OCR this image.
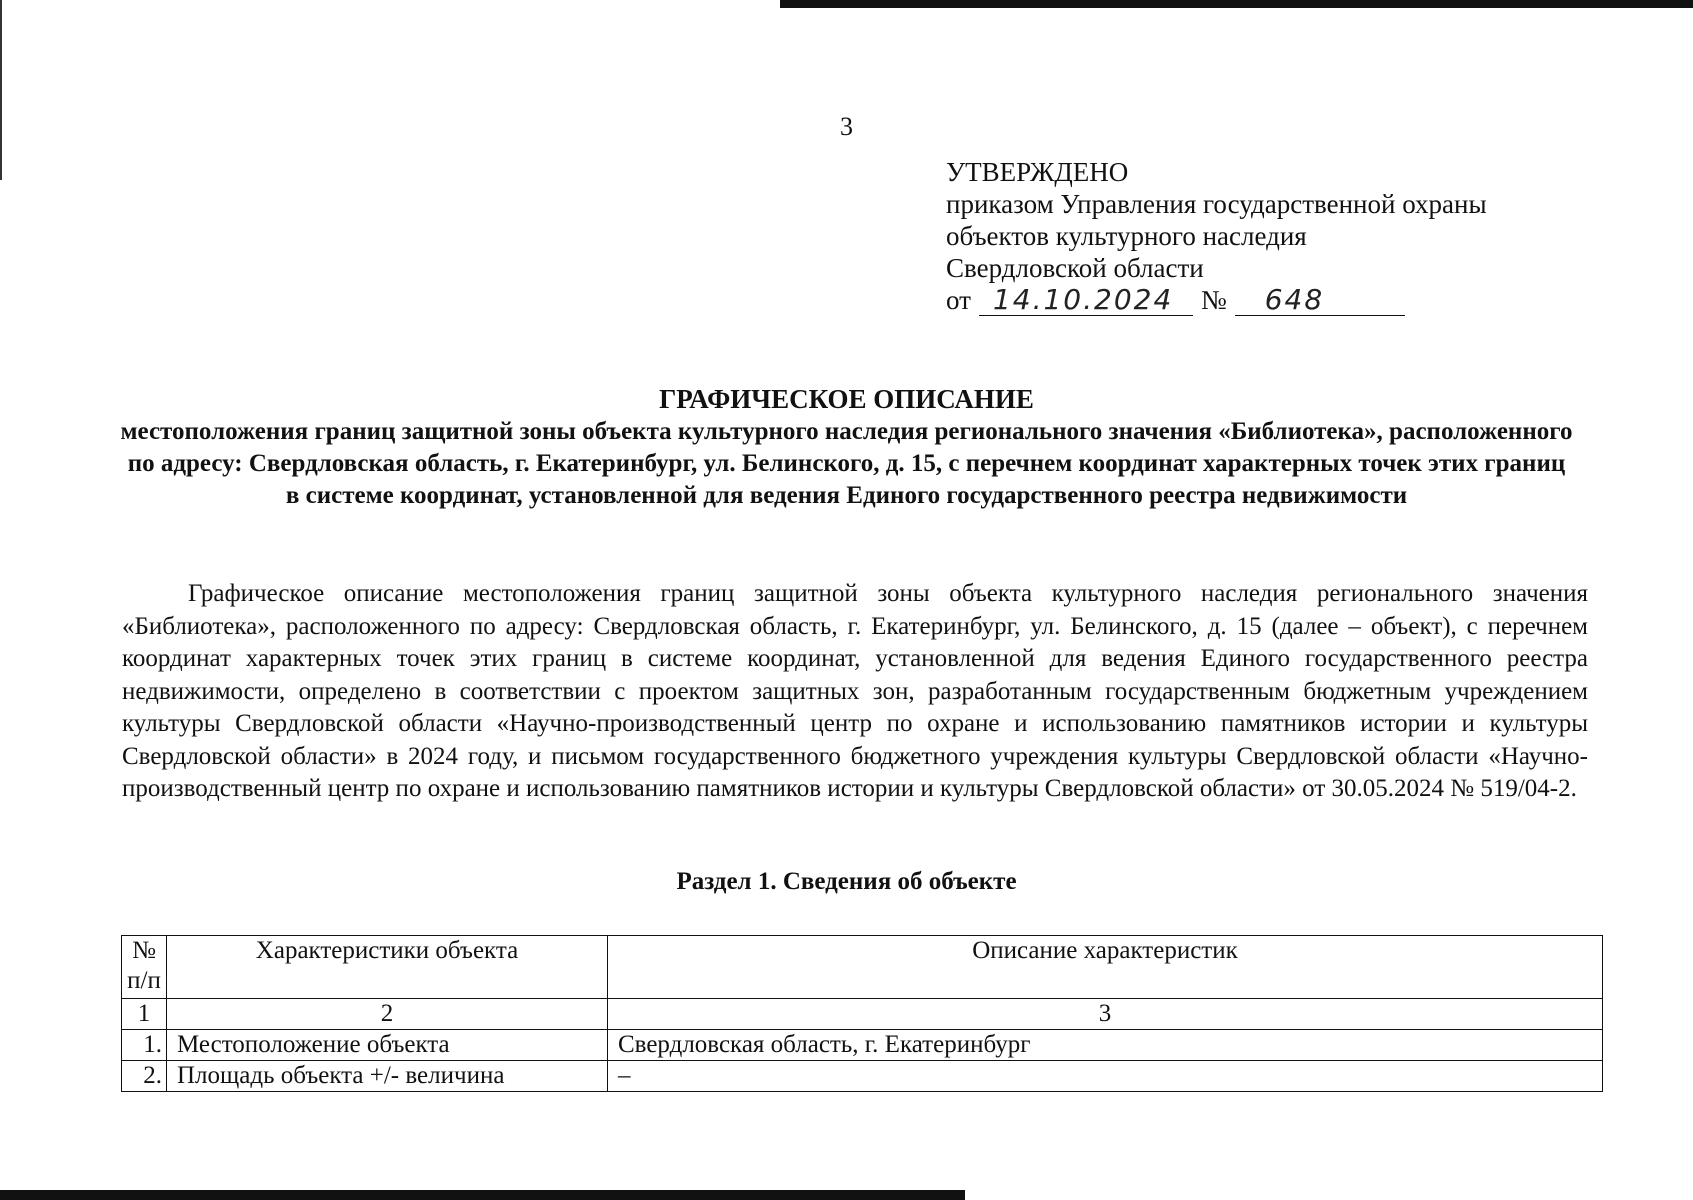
3
УТВЕРЖДЕНО
приказом Управления государственной охраны
объектов культурного наследия
Свердловской области
от 14.10.2024	№	648
ГРАФИЧЕСКОЕ ОПИСАНИЕ
местоположения границ защитной зоны объекта культурного наследия регионального значения «Библиотека», расположенного по адресу: Свердловская область, г. Екатеринбург, ул. Белинского, д. 15, с перечнем координат характерных точек этих границ в системе координат, установленной для ведения Единого государственного реестра недвижимости
Графическое описание местоположения границ защитной зоны объекта культурного наследия регионального значения «Библиотека», расположенного по адресу: Свердловская область, г. Екатеринбург, ул. Белинского, д. 15 (далее – объект), с перечнем координат характерных точек этих границ в системе координат, установленной для ведения Единого государственного реестра недвижимости, определено в соответствии с проектом защитных зон, разработанным государственным бюджетным учреждением культуры Свердловской области «Научно-производственный центр по охране и использованию памятников истории и культуры Свердловской области» в 2024 году, и письмом государственного бюджетного учреждения культуры Свердловской области «Научно-производственный центр по охране и использованию памятников истории и культуры Свердловской области» от 30.05.2024 № 519/04-2.
Раздел 1. Сведения об объекте
№ п/п	Характеристики объекта	Описание характеристик
1	2	3
1.	Местоположение объекта	Свердловская область, г. Екатеринбург
2.	Площадь объекта +/- величина	–
